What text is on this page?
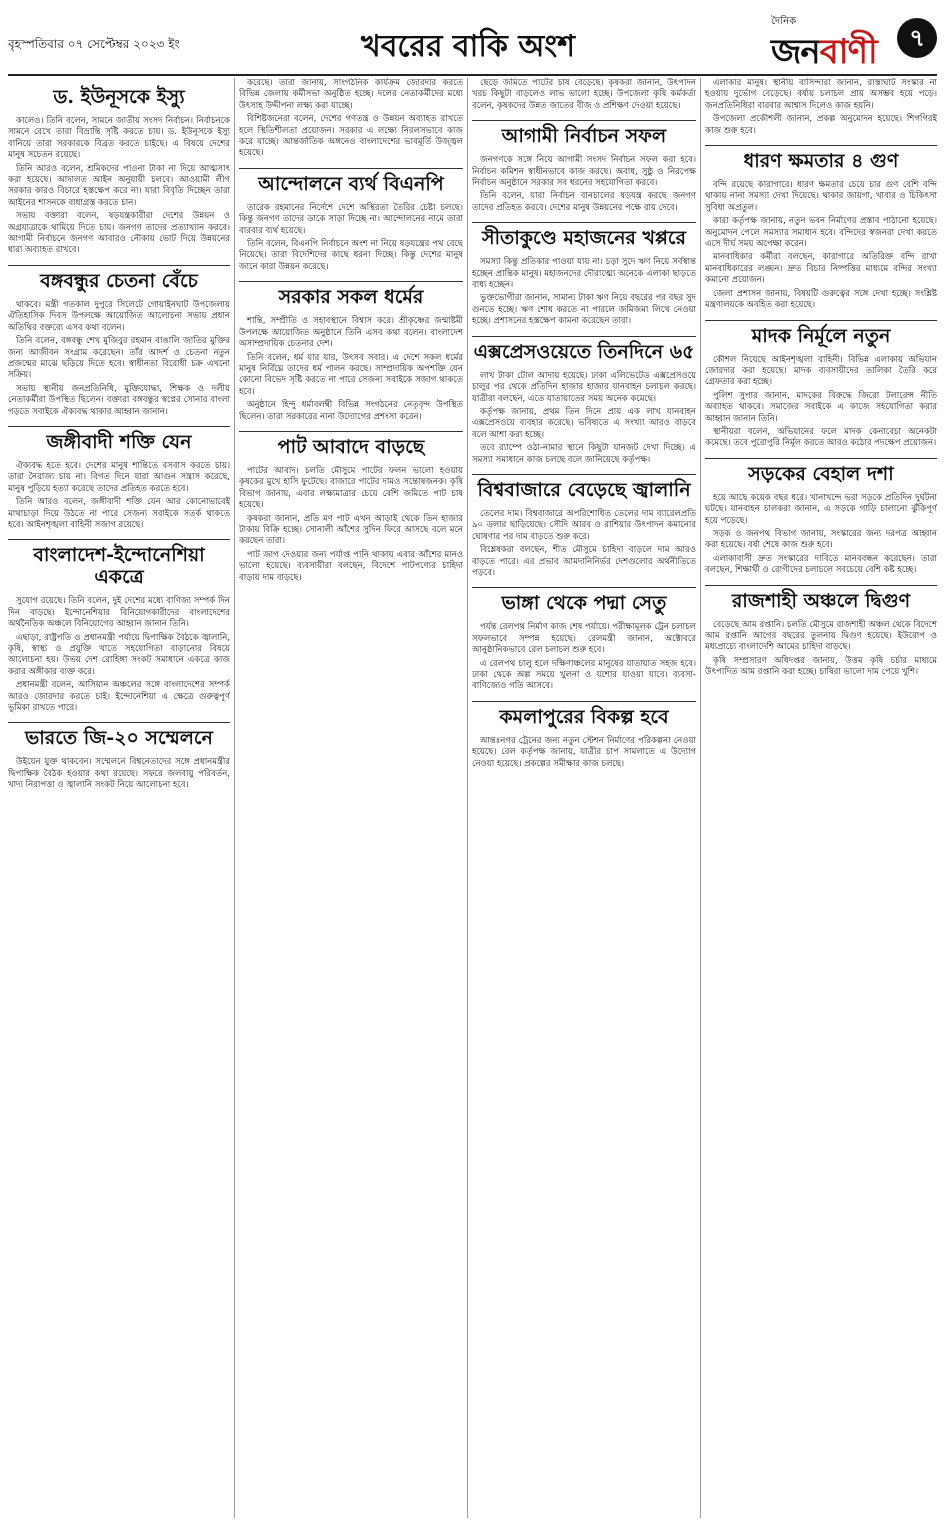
বৃহস্পতিবার ০৭ সেপ্টেম্বর ২০২৩ ইং	খবরের বাকি অংশ
দৈনিক
জনবাণী	৭
ড. ইউনূসকে ইস্যু

কালেও। তিনি বলেন, সামনে জাতীয় সংসদ নির্বাচন। নির্বাচনকে সামনে রেখে তারা বিভ্রান্তি সৃষ্টি করতে চায়। ড. ইউনূসকে ইস্যু বানিয়ে তারা সরকারকে বিব্রত করতে চাইছে। এ বিষয়ে দেশের মানুষ সচেতন রয়েছে।

তিনি আরও বলেন, শ্রমিকদের পাওনা টাকা না দিয়ে আত্মসাৎ করা হয়েছে। আদালত আইন অনুযায়ী চলবে। আওয়ামী লীগ সরকার কারও বিচারে হস্তক্ষেপ করে না। যারা বিবৃতি দিচ্ছেন তারা আইনের শাসনকে বাধাগ্রস্ত করতে চান।

সভায় বক্তারা বলেন, ষড়যন্ত্রকারীরা দেশের উন্নয়ন ও অগ্রযাত্রাকে থামিয়ে দিতে চায়। জনগণ তাদের প্রত্যাখ্যান করবে। আগামী নির্বাচনে জনগণ আবারও নৌকায় ভোট দিয়ে উন্নয়নের ধারা অব্যাহত রাখবে।

বঙ্গবন্ধুর চেতনা বেঁচে

থাকবে। মন্ত্রী গতকাল দুপুরে সিলেটে গোয়াইনঘাট উপজেলায় ঐতিহাসিক দিবস উপলক্ষে আয়োজিত আলোচনা সভায় প্রধান অতিথির বক্তব্যে এসব কথা বলেন।

তিনি বলেন, বঙ্গবন্ধু শেখ মুজিবুর রহমান বাঙালি জাতির মুক্তির জন্য আজীবন সংগ্রাম করেছেন। তাঁর আদর্শ ও চেতনা নতুন প্রজন্মের মাঝে ছড়িয়ে দিতে হবে। স্বাধীনতা বিরোধী চক্র এখনো সক্রিয়।

সভায় স্থানীয় জনপ্রতিনিধি, মুক্তিযোদ্ধা, শিক্ষক ও দলীয় নেতাকর্মীরা উপস্থিত ছিলেন। বক্তারা বঙ্গবন্ধুর স্বপ্নের সোনার বাংলা গড়তে সবাইকে ঐক্যবদ্ধ থাকার আহ্বান জানান।

জঙ্গীবাদী শক্তি যেন

ঐক্যবদ্ধ হতে হবে। দেশের মানুষ শান্তিতে বসবাস করতে চায়। তারা নৈরাজ্য চায় না। বিগত দিনে যারা আগুন সন্ত্রাস করেছে, মানুষ পুড়িয়ে হত্যা করেছে তাদের প্রতিহত করতে হবে।

তিনি আরও বলেন, জঙ্গীবাদী শক্তি যেন আর কোনোভাবেই মাথাচাড়া দিয়ে উঠতে না পারে সেজন্য সবাইকে সতর্ক থাকতে হবে। আইনশৃঙ্খলা বাহিনী সজাগ রয়েছে।

বাংলাদেশ-ইন্দোনেশিয়া একত্রে

সুযোগ রয়েছে। তিনি বলেন, দুই দেশের মধ্যে বাণিজ্য সম্পর্ক দিন দিন বাড়ছে। ইন্দোনেশিয়ার বিনিয়োগকারীদের বাংলাদেশের অর্থনৈতিক অঞ্চলে বিনিয়োগের আহ্বান জানান তিনি।

এছাড়া, রাষ্ট্রপতি ও প্রধানমন্ত্রী পর্যায়ে দ্বিপাক্ষিক বৈঠকে জ্বালানি, কৃষি, স্বাস্থ্য ও প্রযুক্তি খাতে সহযোগিতা বাড়ানোর বিষয়ে আলোচনা হয়। উভয় দেশ রোহিঙ্গা সংকট সমাধানে একত্রে কাজ করার অঙ্গীকার ব্যক্ত করে।

প্রধানমন্ত্রী বলেন, আসিয়ান অঞ্চলের সঙ্গে বাংলাদেশের সম্পর্ক আরও জোরদার করতে চাই। ইন্দোনেশিয়া এ ক্ষেত্রে গুরুত্বপূর্ণ ভূমিকা রাখতে পারে।

ভারতে জি-২০ সম্মেলনে

উইয়েন যুক্ত থাকবেন। সম্মেলনে বিশ্বনেতাদের সঙ্গে প্রধানমন্ত্রীর দ্বিপাক্ষিক বৈঠক হওয়ার কথা রয়েছে। সফরে জলবায়ু পরিবর্তন, খাদ্য নিরাপত্তা ও জ্বালানি সংকট নিয়ে আলোচনা হবে।

করেছে। তারা জানায়, সাংগঠনিক কার্যক্রম জোরদার করতে বিভিন্ন জেলায় কর্মীসভা অনুষ্ঠিত হচ্ছে। দলের নেতাকর্মীদের মধ্যে উৎসাহ উদ্দীপনা লক্ষ্য করা যাচ্ছে।

বিশিষ্টজনেরা বলেন, দেশের গণতন্ত্র ও উন্নয়ন অব্যাহত রাখতে হলে স্থিতিশীলতা প্রয়োজন। সরকার এ লক্ষ্যে নিরলসভাবে কাজ করে যাচ্ছে। আন্তর্জাতিক অঙ্গনেও বাংলাদেশের ভাবমূর্তি উজ্জ্বল হয়েছে।

আন্দোলনে ব্যর্থ বিএনপি

তারেক রহমানের নির্দেশে দেশে অস্থিরতা তৈরির চেষ্টা চলছে। কিন্তু জনগণ তাদের ডাকে সাড়া দিচ্ছে না। আন্দোলনের নামে তারা বারবার ব্যর্থ হয়েছে।

তিনি বলেন, বিএনপি নির্বাচনে অংশ না নিয়ে ষড়যন্ত্রের পথ বেছে নিয়েছে। তারা বিদেশিদের কাছে ধরনা দিচ্ছে। কিন্তু দেশের মানুষ জানে কারা উন্নয়ন করেছে।

সরকার সকল ধর্মের

শান্তি, সম্প্রীতি ও সহাবস্থানে বিশ্বাস করে। শ্রীকৃষ্ণের জন্মাষ্টমী উপলক্ষে আয়োজিত অনুষ্ঠানে তিনি এসব কথা বলেন। বাংলাদেশ অসাম্প্রদায়িক চেতনার দেশ।

তিনি বলেন, ধর্ম যার যার, উৎসব সবার। এ দেশে সকল ধর্মের মানুষ নির্বিঘ্নে তাদের ধর্ম পালন করছে। সাম্প্রদায়িক অপশক্তি যেন কোনো বিভেদ সৃষ্টি করতে না পারে সেজন্য সবাইকে সজাগ থাকতে হবে।

অনুষ্ঠানে হিন্দু ধর্মাবলম্বী বিভিন্ন সংগঠনের নেতৃবৃন্দ উপস্থিত ছিলেন। তারা সরকারের নানা উদ্যোগের প্রশংসা করেন।

পাট আবাদে বাড়ছে

পাটের আবাদ। চলতি মৌসুমে পাটের ফলন ভালো হওয়ায় কৃষকের মুখে হাসি ফুটেছে। বাজারে পাটের দামও সন্তোষজনক। কৃষি বিভাগ জানায়, এবার লক্ষ্যমাত্রার চেয়ে বেশি জমিতে পাট চাষ হয়েছে।

কৃষকরা জানান, প্রতি মণ পাট এখন আড়াই থেকে তিন হাজার টাকায় বিক্রি হচ্ছে। সোনালী আঁশের সুদিন ফিরে আসছে বলে মনে করছেন তারা।

পাট জাগ দেওয়ার জন্য পর্যাপ্ত পানি থাকায় এবার আঁশের মানও ভালো হয়েছে। ব্যবসায়ীরা বলছেন, বিদেশে পাটপণ্যের চাহিদা বাড়ায় দাম বাড়ছে।

ছেড়ে জমিতে পাটের চাষ বেড়েছে। কৃষকরা জানান, উৎপাদন খরচ কিছুটা বাড়লেও লাভ ভালো হচ্ছে। উপজেলা কৃষি কর্মকর্তা বলেন, কৃষকদের উন্নত জাতের বীজ ও প্রশিক্ষণ দেওয়া হয়েছে।

আগামী নির্বাচন সফল

জনগণকে সঙ্গে নিয়ে আগামী সংসদ নির্বাচন সফল করা হবে। নির্বাচন কমিশন স্বাধীনভাবে কাজ করছে। অবাধ, সুষ্ঠু ও নিরপেক্ষ নির্বাচন অনুষ্ঠানে সরকার সব ধরনের সহযোগিতা করবে।

তিনি বলেন, যারা নির্বাচন বানচালের ষড়যন্ত্র করছে জনগণ তাদের প্রতিহত করবে। দেশের মানুষ উন্নয়নের পক্ষে রায় দেবে।

সীতাকুণ্ডে মহাজনের খপ্পরে

সমস্যা কিন্তু প্রতিকার পাওয়া যায় না। চড়া সুদে ঋণ নিয়ে সর্বস্বান্ত হচ্ছেন প্রান্তিক মানুষ। মহাজনদের দৌরাত্ম্যে অনেকে এলাকা ছাড়তে বাধ্য হচ্ছেন।

ভুক্তভোগীরা জানান, সামান্য টাকা ঋণ নিয়ে বছরের পর বছর সুদ গুনতে হচ্ছে। ঋণ শোধ করতে না পারলে জমিজমা লিখে নেওয়া হচ্ছে। প্রশাসনের হস্তক্ষেপ কামনা করেছেন তারা।

এক্সপ্রেসওয়েতে তিনদিনে ৬৫

লাখ টাকা টোল আদায় হয়েছে। ঢাকা এলিভেটেড এক্সপ্রেসওয়ে চালুর পর থেকে প্রতিদিন হাজার হাজার যানবাহন চলাচল করছে। যাত্রীরা বলছেন, এতে যাতায়াতের সময় অনেক কমেছে।

কর্তৃপক্ষ জানায়, প্রথম তিন দিনে প্রায় এক লাখ যানবাহন এক্সপ্রেসওয়ে ব্যবহার করেছে। ভবিষ্যতে এ সংখ্যা আরও বাড়বে বলে আশা করা হচ্ছে।

তবে র‍্যাম্পে ওঠা-নামার স্থানে কিছুটা যানজট দেখা দিচ্ছে। এ সমস্যা সমাধানে কাজ চলছে বলে জানিয়েছে কর্তৃপক্ষ।

বিশ্ববাজারে বেড়েছে জ্বালানি

তেলের দাম। বিশ্ববাজারে অপরিশোধিত তেলের দাম ব্যারেলপ্রতি ৯০ ডলার ছাড়িয়েছে। সৌদি আরব ও রাশিয়ার উৎপাদন কমানোর ঘোষণার পর দাম বাড়তে শুরু করে।

বিশ্লেষকরা বলছেন, শীত মৌসুমে চাহিদা বাড়লে দাম আরও বাড়তে পারে। এর প্রভাব আমদানিনির্ভর দেশগুলোর অর্থনীতিতে পড়বে।

ভাঙ্গা থেকে পদ্মা সেতু

পর্যন্ত রেলপথ নির্মাণ কাজ শেষ পর্যায়ে। পরীক্ষামূলক ট্রেন চলাচল সফলভাবে সম্পন্ন হয়েছে। রেলমন্ত্রী জানান, অক্টোবরে আনুষ্ঠানিকভাবে রেল চলাচল শুরু হবে।

এ রেলপথ চালু হলে দক্ষিণাঞ্চলের মানুষের যাতায়াত সহজ হবে। ঢাকা থেকে অল্প সময়ে খুলনা ও যশোর যাওয়া যাবে। ব্যবসা-বাণিজ্যেও গতি আসবে।

কমলাপুরের বিকল্প হবে

আন্তঃনগর ট্রেনের জন্য নতুন স্টেশন নির্মাণের পরিকল্পনা নেওয়া হয়েছে। রেল কর্তৃপক্ষ জানায়, যাত্রীর চাপ সামলাতে এ উদ্যোগ নেওয়া হয়েছে। প্রকল্পের সমীক্ষার কাজ চলছে।

এলাকার মানুষ। স্থানীয় বাসিন্দারা জানান, রাস্তাঘাট সংস্কার না হওয়ায় দুর্ভোগ বেড়েছে। বর্ষায় চলাচল প্রায় অসম্ভব হয়ে পড়ে। জনপ্রতিনিধিরা বারবার আশ্বাস দিলেও কাজ হয়নি।

উপজেলা প্রকৌশলী জানান, প্রকল্প অনুমোদন হয়েছে। শিগগিরই কাজ শুরু হবে।

ধারণ ক্ষমতার ৪ গুণ

বন্দি রয়েছে কারাগারে। ধারণ ক্ষমতার চেয়ে চার গুণ বেশি বন্দি থাকায় নানা সমস্যা দেখা দিয়েছে। থাকার জায়গা, খাবার ও চিকিৎসা সুবিধা অপ্রতুল।

কারা কর্তৃপক্ষ জানায়, নতুন ভবন নির্মাণের প্রস্তাব পাঠানো হয়েছে। অনুমোদন পেলে সমস্যার সমাধান হবে। বন্দিদের স্বজনরা দেখা করতে এসে দীর্ঘ সময় অপেক্ষা করেন।

মানবাধিকার কর্মীরা বলছেন, কারাগারে অতিরিক্ত বন্দি রাখা মানবাধিকারের লঙ্ঘন। দ্রুত বিচার নিষ্পত্তির মাধ্যমে বন্দির সংখ্যা কমানো প্রয়োজন।

জেলা প্রশাসন জানায়, বিষয়টি গুরুত্বের সঙ্গে দেখা হচ্ছে। সংশ্লিষ্ট মন্ত্রণালয়কে অবহিত করা হয়েছে।

মাদক নির্মূলে নতুন

কৌশল নিয়েছে আইনশৃঙ্খলা বাহিনী। বিভিন্ন এলাকায় অভিযান জোরদার করা হয়েছে। মাদক ব্যবসায়ীদের তালিকা তৈরি করে গ্রেফতার করা হচ্ছে।

পুলিশ সুপার জানান, মাদকের বিরুদ্ধে জিরো টলারেন্স নীতি অব্যাহত থাকবে। সমাজের সবাইকে এ কাজে সহযোগিতা করার আহ্বান জানান তিনি।

স্থানীয়রা বলেন, অভিযানের ফলে মাদক কেনাবেচা অনেকটা কমেছে। তবে পুরোপুরি নির্মূল করতে আরও কঠোর পদক্ষেপ প্রয়োজন।

সড়কের বেহাল দশা

হয়ে আছে কয়েক বছর ধরে। খানাখন্দে ভরা সড়কে প্রতিদিন দুর্ঘটনা ঘটছে। যানবাহন চালকরা জানান, এ সড়কে গাড়ি চালানো ঝুঁকিপূর্ণ হয়ে পড়েছে।

সড়ক ও জনপথ বিভাগ জানায়, সংস্কারের জন্য দরপত্র আহ্বান করা হয়েছে। বর্ষা শেষে কাজ শুরু হবে।

এলাকাবাসী দ্রুত সংস্কারের দাবিতে মানববন্ধন করেছেন। তারা বলছেন, শিক্ষার্থী ও রোগীদের চলাচলে সবচেয়ে বেশি কষ্ট হচ্ছে।

রাজশাহী অঞ্চলে দ্বিগুণ

বেড়েছে আম রপ্তানি। চলতি মৌসুমে রাজশাহী অঞ্চল থেকে বিদেশে আম রপ্তানি আগের বছরের তুলনায় দ্বিগুণ হয়েছে। ইউরোপ ও মধ্যপ্রাচ্যে বাংলাদেশি আমের চাহিদা বাড়ছে।

কৃষি সম্প্রসারণ অধিদপ্তর জানায়, উত্তম কৃষি চর্চার মাধ্যমে উৎপাদিত আম রপ্তানি করা হচ্ছে। চাষিরা ভালো দাম পেয়ে খুশি।
